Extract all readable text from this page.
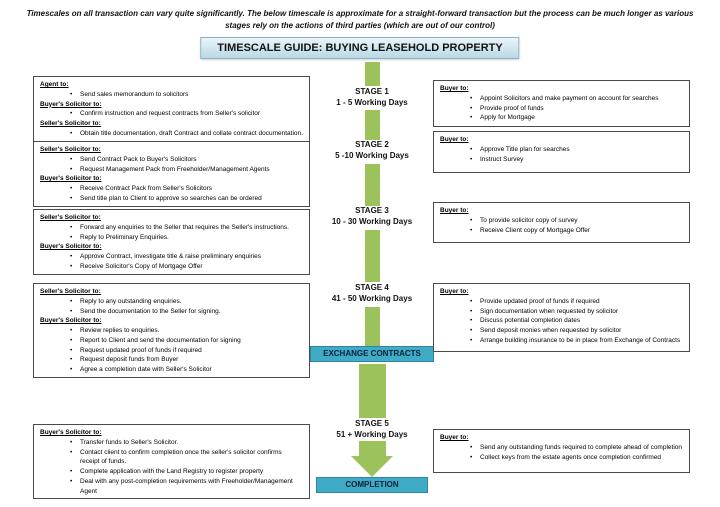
Timescales on all transaction can vary quite significantly. The below timescale is approximate for a straight-forward transaction but the process can be much longer as various stages rely on the actions of third parties (which are out of our control)
TIMESCALE GUIDE: BUYING LEASEHOLD PROPERTY
STAGE 1
1 - 5 Working Days
STAGE 2
5 -10 Working Days
STAGE 3
10 - 30 Working Days
STAGE 4
41 - 50 Working Days
STAGE 5
51 + Working Days
EXCHANGE CONTRACTS
COMPLETION
Agent to:
• Send sales memorandum to solicitors
Buyer's Solicitor to:
• Confirm instruction and request contracts from Seller's solicitor
Seller's Solicitor to:
• Obtain title documentation, draft Contract and collate contract documentation.
Seller's Solicitor to:
• Send Contract Pack to Buyer's Solicitors
• Request Management Pack from Freeholder/Management Agents
Buyer's Solicitor to:
• Receive Contract Pack from Seller's Solicitors
• Send title plan to Client to approve so searches can be ordered
Seller's Solicitor to:
• Forward any enquiries to the Seller that requires the Seller's instructions.
• Reply to Preliminary Enquiries.
Buyer's Solicitor to:
• Approve Contract, investigate title & raise preliminary enquiries
• Receive Solicitor's Copy of Mortgage Offer
Seller's Solicitor to:
• Reply to any outstanding enquiries.
• Send the documentation to the Seller for signing.
Buyer's Solicitor to:
• Review replies to enquiries.
• Report to Client and send the documentation for signing
• Request updated proof of funds if required
• Request deposit funds from Buyer
• Agree a completion date with Seller's Solicitor
Buyer's Solicitor to:
• Transfer funds to Seller's Solicitor.
• Contact client to confirm completion once the seller's solicitor confirms receipt of funds.
• Complete application with the Land Registry to register property
• Deal with any post-completion requirements with Freeholder/Management Agent
Buyer to:
• Appoint Solicitors and make payment on account for searches
• Provide proof of funds
• Apply for Mortgage
Buyer to:
• Approve Title plan for searches
• Instruct Survey
Buyer to:
• To provide solicitor copy of survey
• Receive Client copy of Mortgage Offer
Buyer to:
• Provide updated proof of funds if required
• Sign documentation when requested by solicitor
• Discuss potential completion dates
• Send deposit monies when requested by solicitor
• Arrange building insurance to be in place from Exchange of Contracts
Buyer to:
• Send any outstanding funds required to complete ahead of completion
• Collect keys from the estate agents once completion confirmed
